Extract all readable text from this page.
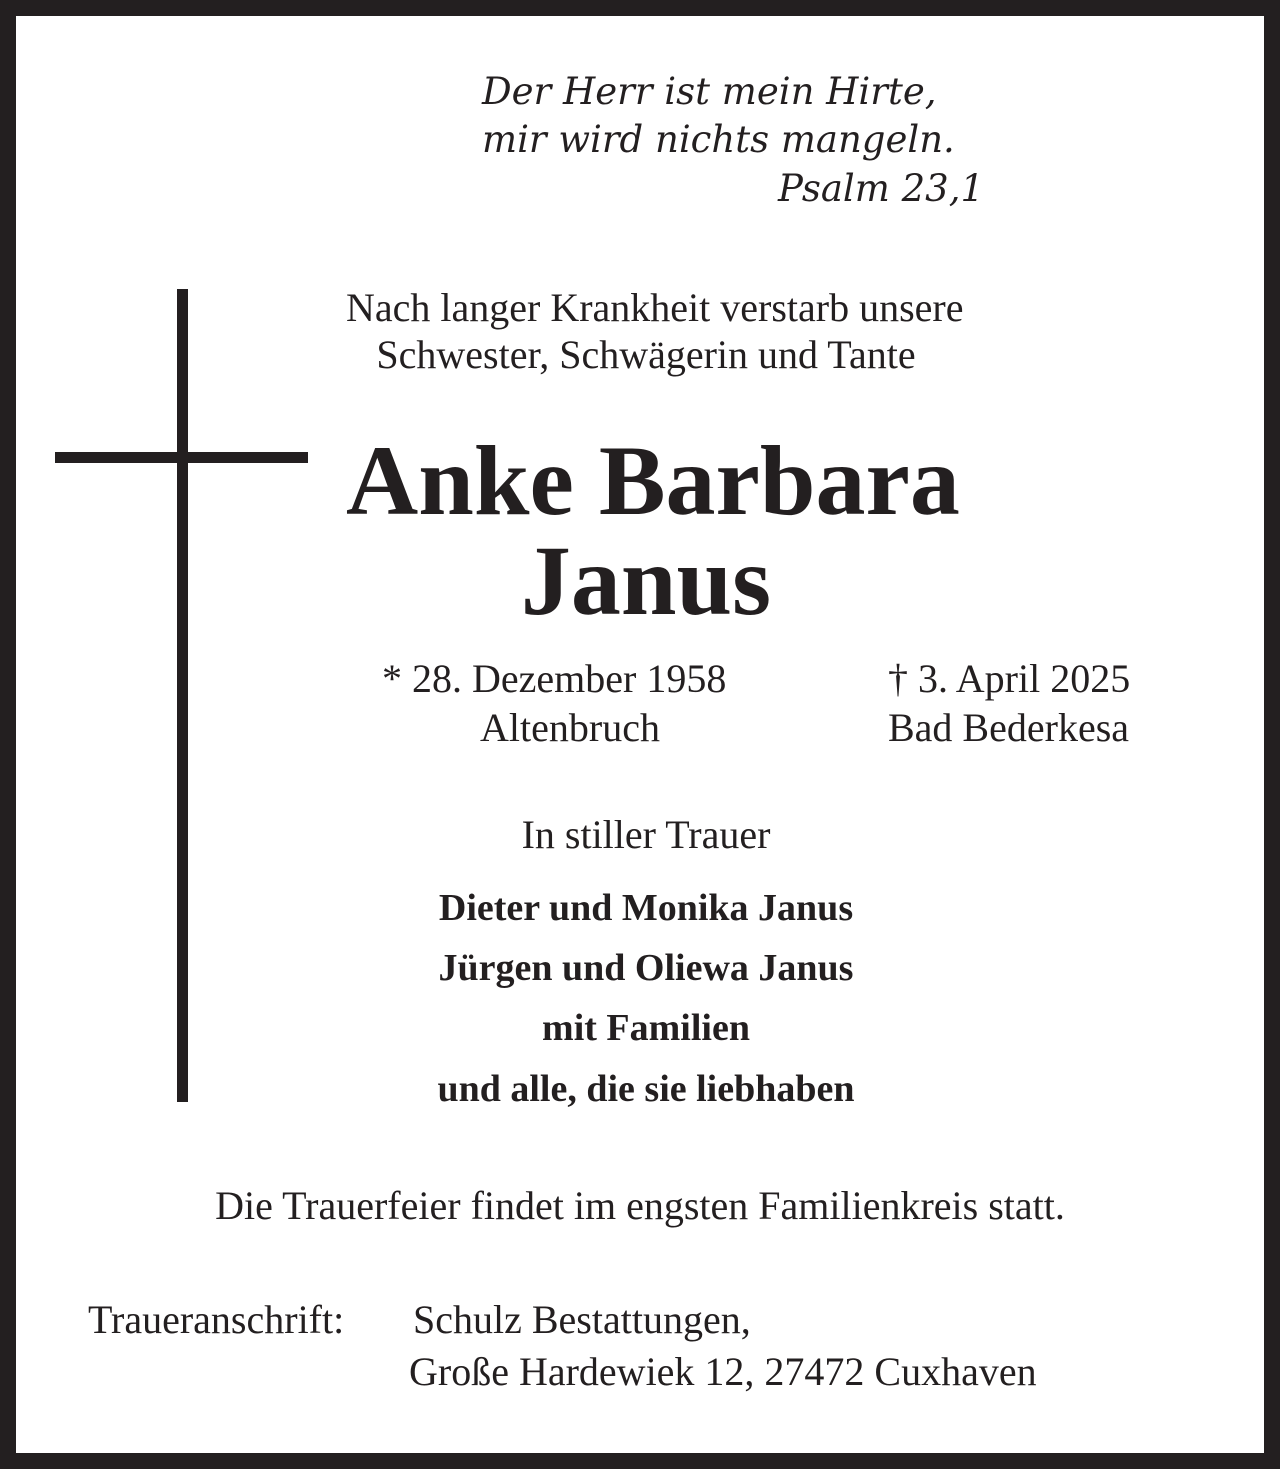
Der Herr ist mein Hirte,
mir wird nichts mangeln.
Psalm 23,1
Nach langer Krankheit verstarb unsere
Schwester, Schwägerin und Tante
Anke Barbara
Janus
* 28. Dezember 1958
Altenbruch
† 3. April 2025
Bad Bederkesa
In stiller Trauer
Dieter und Monika Janus
Jürgen und Oliewa Janus
mit Familien
und alle, die sie liebhaben
Die Trauerfeier findet im engsten Familienkreis statt.
Traueranschrift: Schulz Bestattungen,
Große Hardewiek 12, 27472 Cuxhaven
